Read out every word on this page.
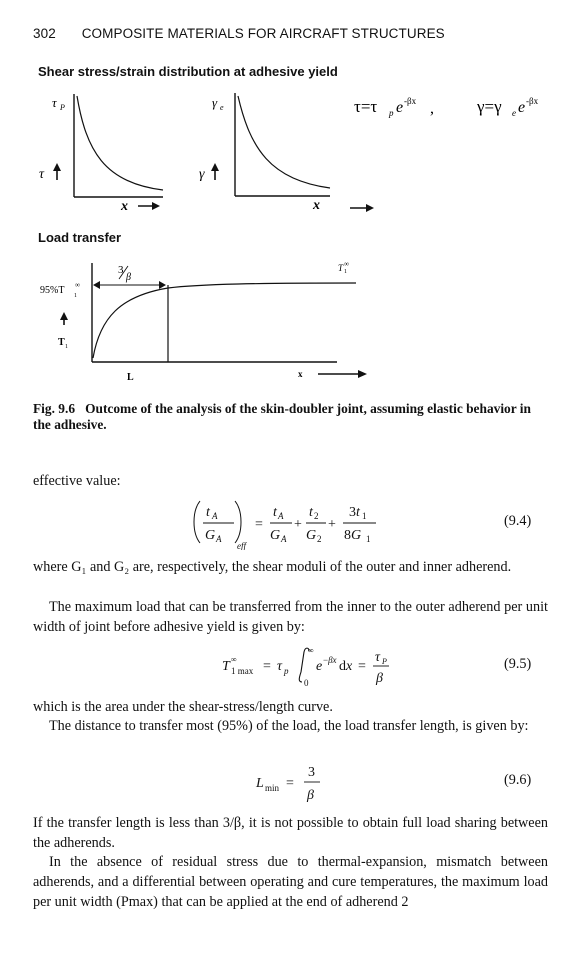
302 COMPOSITE MATERIALS FOR AIRCRAFT STRUCTURES
Shear stress/strain distribution at adhesive yield
Load transfer
τ P
τ
x
γ e
γ
x
τ=τ p e -βx ,	γ=γ e e -βx
3
β
95%T 1
∞
T 1
∞
T 1
L	x
Fig. 9.6 Outcome of the analysis of the skin-doubler joint, assuming elastic behavior in the adhesive.
effective value:
t A
G A
eff
=
t A
G A
+
t 2
G 2
+
3t 1
8G 1
(9.4)
where G₁ and G₂ are, respectively, the shear moduli of the outer and inner adherend.
The maximum load that can be transferred from the inner to the outer adherend per unit width of joint before adhesive yield is given by:
T ∞
1 max = τ p
∞
0
e −βx dx =
τ P
β
(9.5)
which is the area under the shear-stress/length curve.
The distance to transfer most (95%) of the load, the load transfer length, is given by:
L min =
3
β
(9.6)
If the transfer length is less than 3/β, it is not possible to obtain full load sharing between the adherends.
In the absence of residual stress due to thermal-expansion, mismatch between adherends, and a differential between operating and cure temperatures, the maximum load per unit width (Pmax) that can be applied at the end of adherend 2
